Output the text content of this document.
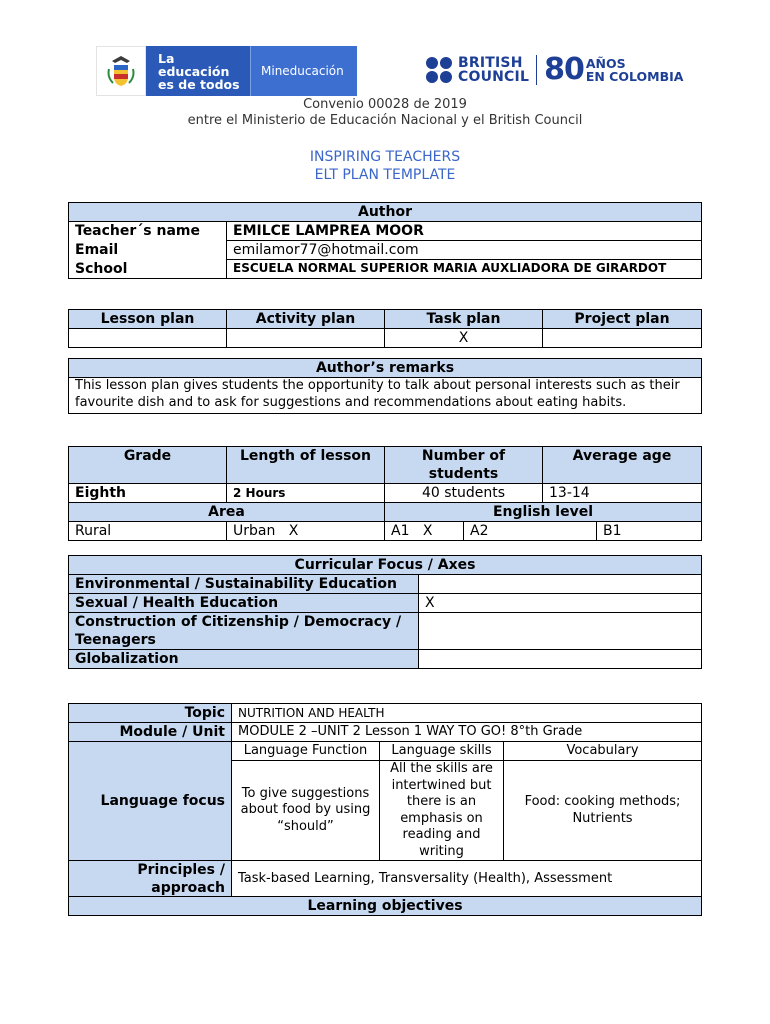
La educación
es de todos
Mineducación	BRITISH
COUNCIL 80 AÑOS
EN COLOMBIA
Convenio 00028 de 2019
entre el Ministerio de Educación Nacional y el British Council
INSPIRING TEACHERS
ELT PLAN TEMPLATE
Author	
Teacher´s name	EMILCE LAMPREA MOOR
Email	emilamor77@hotmail.com
School	ESCUELA NORMAL SUPERIOR MARIA AUXLIADORA DE GIRARDOT
Lesson plan	Activity plan	Task plan	Project plan
		X	
Author’s remarks
This lesson plan gives students the opportunity to talk about personal interests such as their favourite dish and to ask for suggestions and recommendations about eating habits.
Grade	Length of lesson	Number of students		Average age	
Eighth	2 Hours	40 students		13-14	
Area		English level			
Rural	Urban   X	A1   X	A2		B1
Curricular Focus / Axes	
Environmental / Sustainability Education	
Sexual / Health Education	X
Construction of Citizenship / Democracy / Teenagers	
Globalization	
Topic	NUTRITION AND HEALTH		
Module / Unit	MODULE 2 –UNIT 2 Lesson 1 WAY TO GO! 8°th Grade		
Language focus	Language Function	Language skills	Vocabulary
	To give suggestions about food by using “should”	All the skills are intertwined but there is an emphasis on reading and writing	Food: cooking methods; Nutrients
Principles / approach	Task-based Learning, Transversality (Health), Assessment		
Learning objectives
